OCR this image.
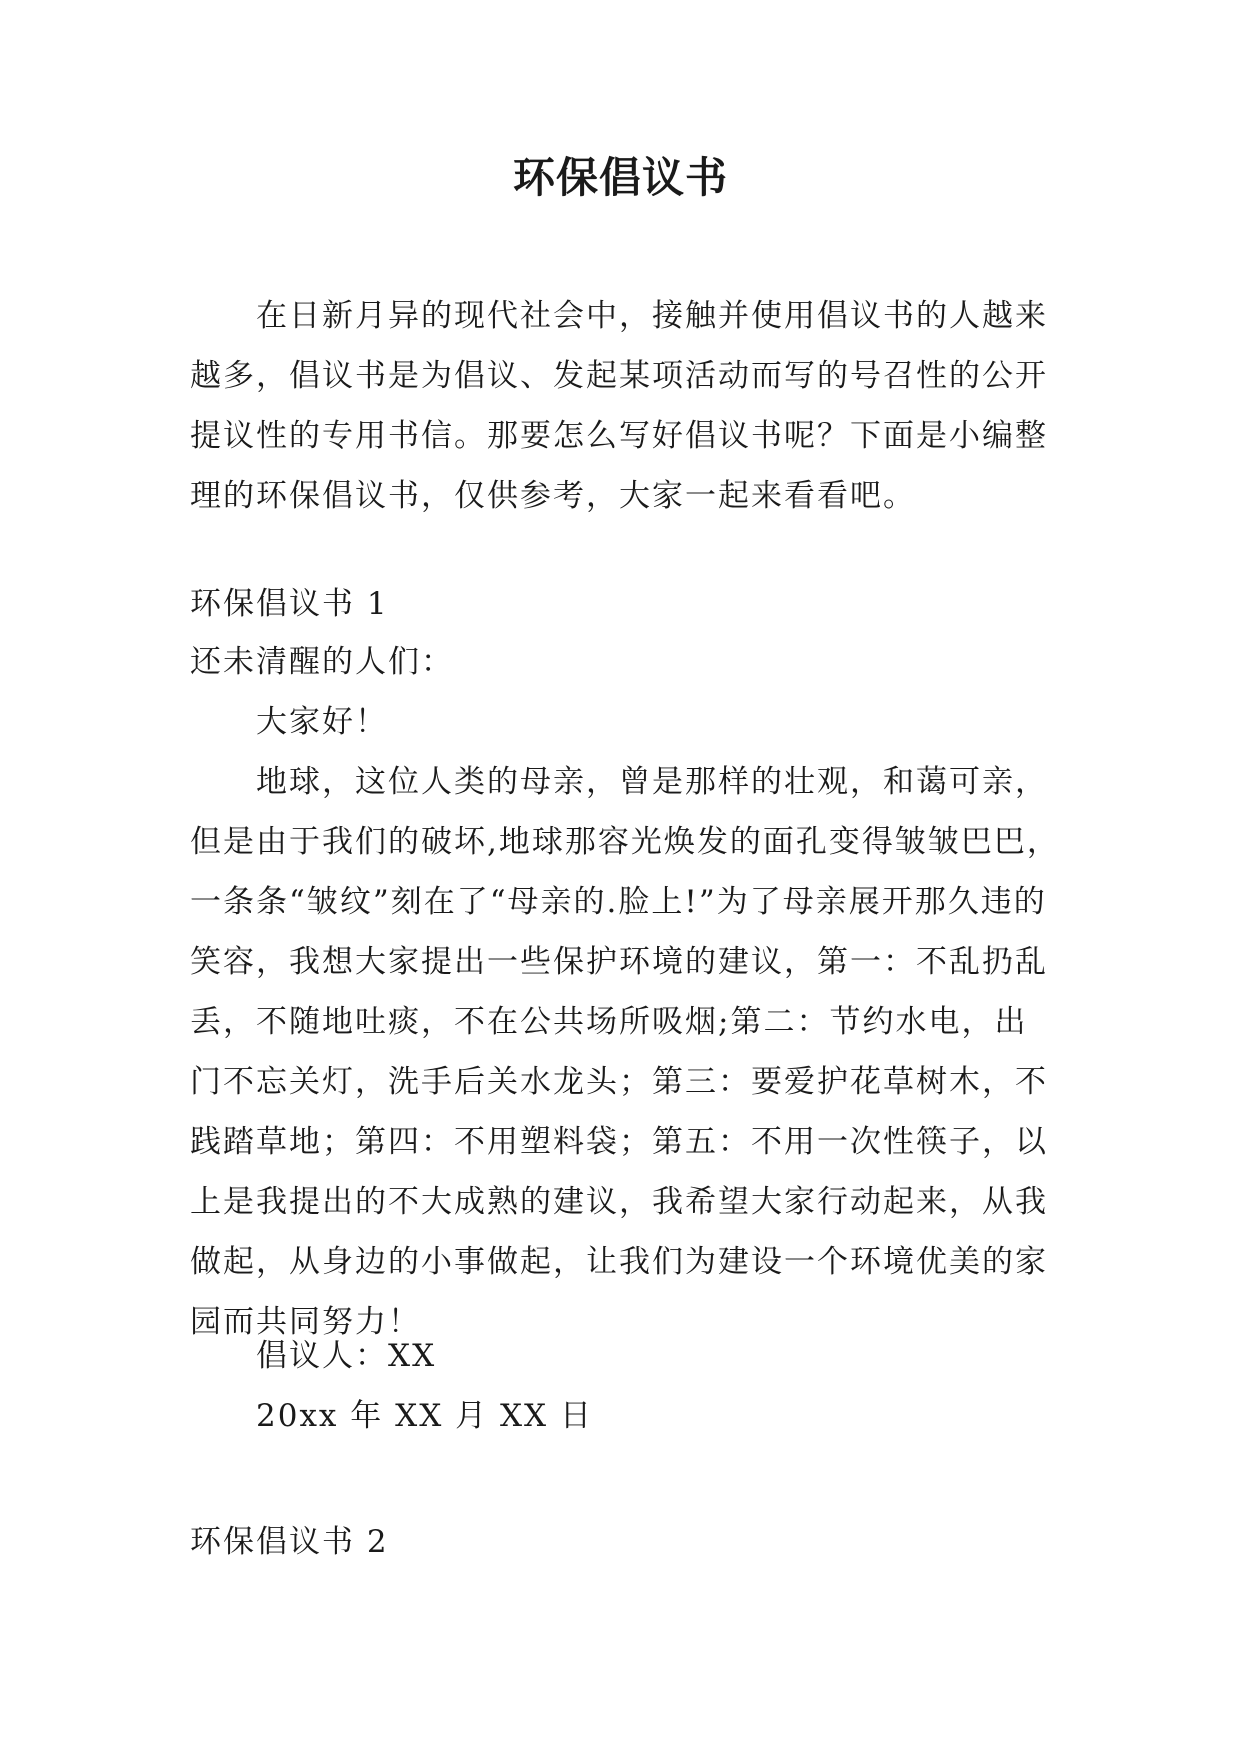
环保倡议书
在日新月异的现代社会中，接触并使用倡议书的人越来越多，倡议书是为倡议、发起某项活动而写的号召性的公开提议性的专用书信。那要怎么写好倡议书呢？下面是小编整理的环保倡议书，仅供参考，大家一起来看看吧。
环保倡议书 1
还未清醒的人们：
大家好！
地球，这位人类的母亲，曾是那样的壮观，和蔼可亲，但是由于我们的破坏,地球那容光焕发的面孔变得皱皱巴巴，一条条“皱纹”刻在了“母亲的.脸上!”为了母亲展开那久违的笑容，我想大家提出一些保护环境的建议，第一：不乱扔乱丢，不随地吐痰，不在公共场所吸烟;第二：节约水电，出门不忘关灯，洗手后关水龙头；第三：要爱护花草树木，不践踏草地；第四：不用塑料袋；第五：不用一次性筷子，以上是我提出的不大成熟的建议，我希望大家行动起来，从我做起，从身边的小事做起，让我们为建设一个环境优美的家园而共同努力！
倡议人：XX
20xx 年 XX 月 XX 日
环保倡议书 2
